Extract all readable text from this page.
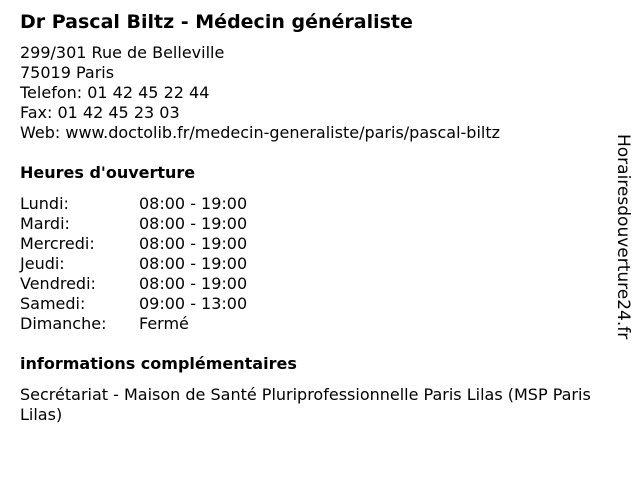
Dr Pascal Biltz - Médecin généraliste
299/301 Rue de Belleville
75019 Paris
Telefon: 01 42 45 22 44
Fax: 01 42 45 23 03
Web: www.doctolib.fr/medecin-generaliste/paris/pascal-biltz
Heures d'ouverture
Lundi:	08:00 - 19:00
Mardi:	08:00 - 19:00
Mercredi:	08:00 - 19:00
Jeudi:	08:00 - 19:00
Vendredi:	08:00 - 19:00
Samedi:	09:00 - 13:00
Dimanche:	Fermé
informations complémentaires
Secrétariat - Maison de Santé Pluriprofessionnelle Paris Lilas (MSP Paris Lilas)
Horairesdouverture24.fr
